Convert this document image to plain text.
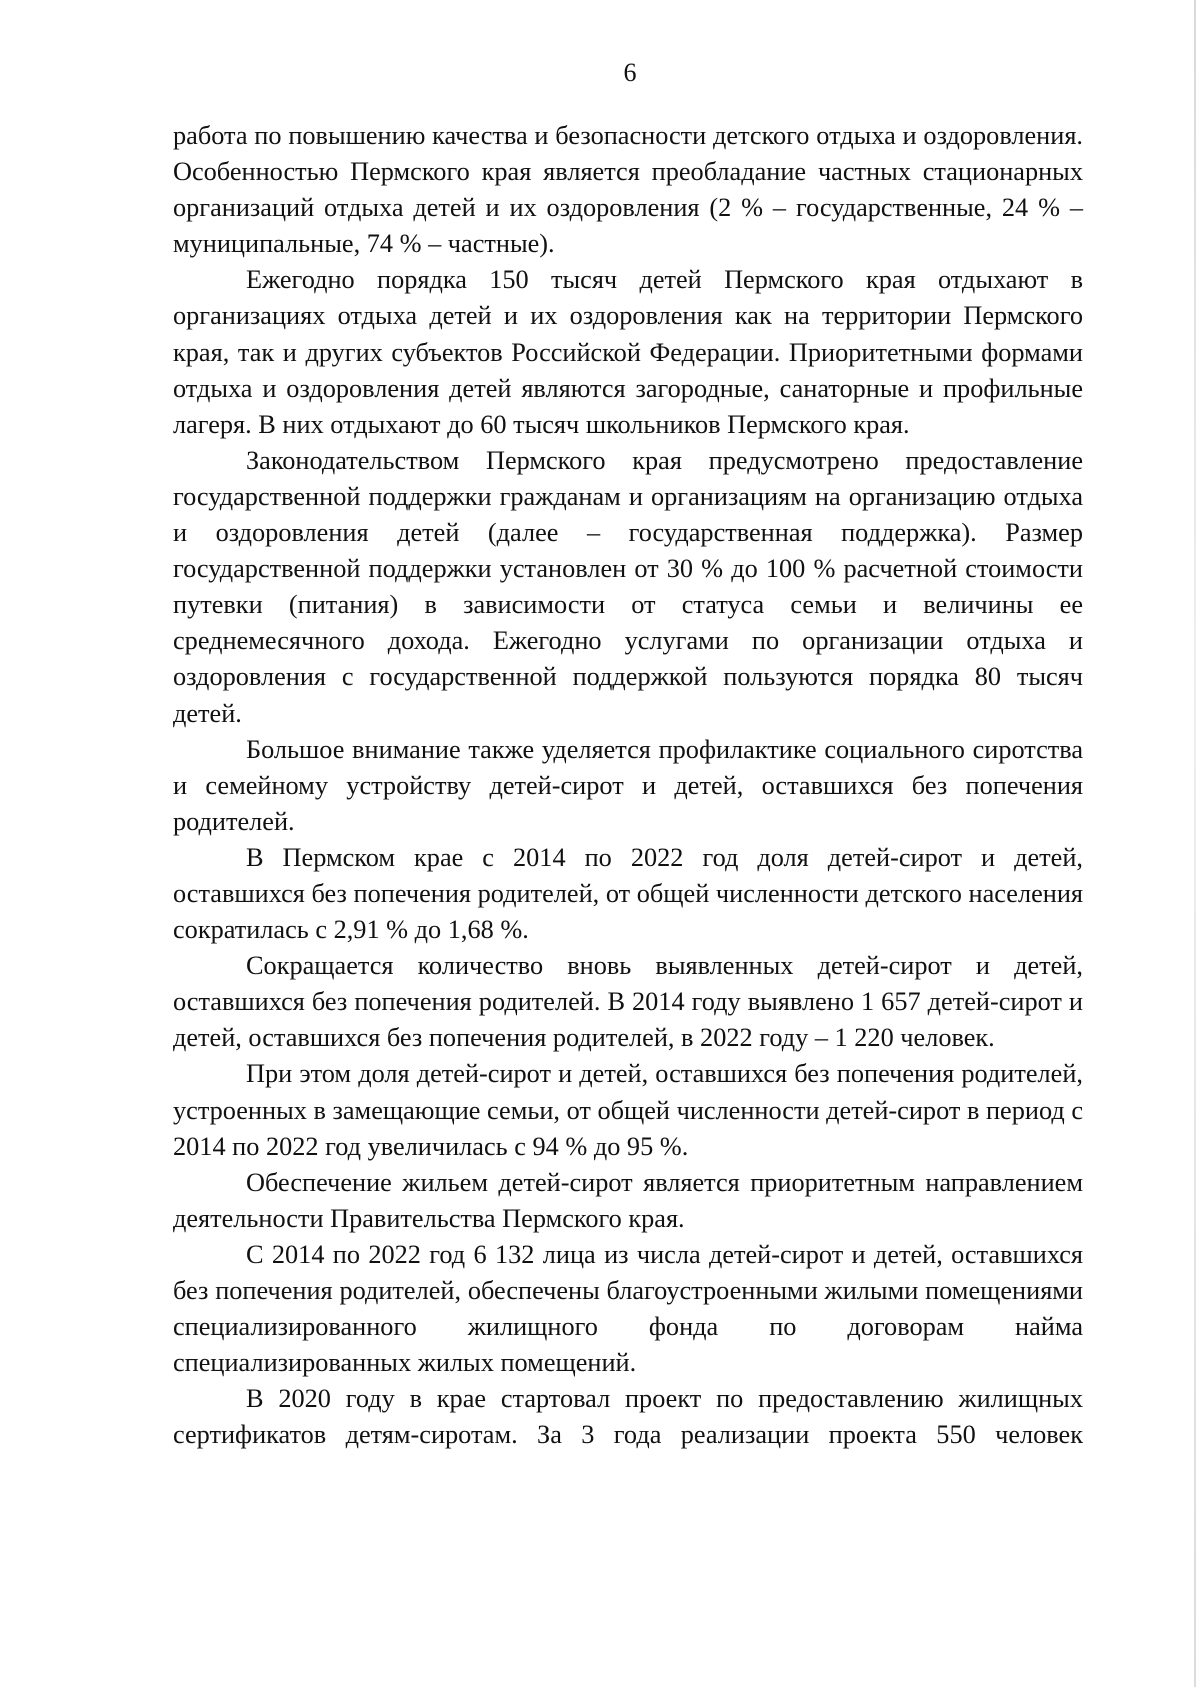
6

работа по повышению качества и безопасности детского отдыха и оздоровления. Особенностью Пермского края является преобладание частных стационарных организаций отдыха детей и их оздоровления (2 % – государственные, 24 % – муниципальные, 74 % – частные).

Ежегодно порядка 150 тысяч детей Пермского края отдыхают в организациях отдыха детей и их оздоровления как на территории Пермского края, так и других субъектов Российской Федерации. Приоритетными формами отдыха и оздоровления детей являются загородные, санаторные и профильные лагеря. В них отдыхают до 60 тысяч школьников Пермского края.

Законодательством Пермского края предусмотрено предоставление государственной поддержки гражданам и организациям на организацию отдыха и оздоровления детей (далее – государственная поддержка). Размер государственной поддержки установлен от 30 % до 100 % расчетной стоимости путевки (питания) в зависимости от статуса семьи и величины ее среднемесячного дохода. Ежегодно услугами по организации отдыха и оздоровления с государственной поддержкой пользуются порядка 80 тысяч детей.

Большое внимание также уделяется профилактике социального сиротства и семейному устройству детей-сирот и детей, оставшихся без попечения родителей.

В Пермском крае с 2014 по 2022 год доля детей-сирот и детей, оставшихся без попечения родителей, от общей численности детского населения сократилась с 2,91 % до 1,68 %.

Сокращается количество вновь выявленных детей-сирот и детей, оставшихся без попечения родителей. В 2014 году выявлено 1 657 детей-сирот и детей, оставшихся без попечения родителей, в 2022 году – 1 220 человек.

При этом доля детей-сирот и детей, оставшихся без попечения родителей, устроенных в замещающие семьи, от общей численности детей-сирот в период с 2014 по 2022 год увеличилась с 94 % до 95 %.

Обеспечение жильем детей-сирот является приоритетным направлением деятельности Правительства Пермского края.

С 2014 по 2022 год 6 132 лица из числа детей-сирот и детей, оставшихся без попечения родителей, обеспечены благоустроенными жилыми помещениями специализированного жилищного фонда по договорам найма специализированных жилых помещений.

В 2020 году в крае стартовал проект по предоставлению жилищных сертификатов детям-сиротам. За 3 года реализации проекта 550 человек
